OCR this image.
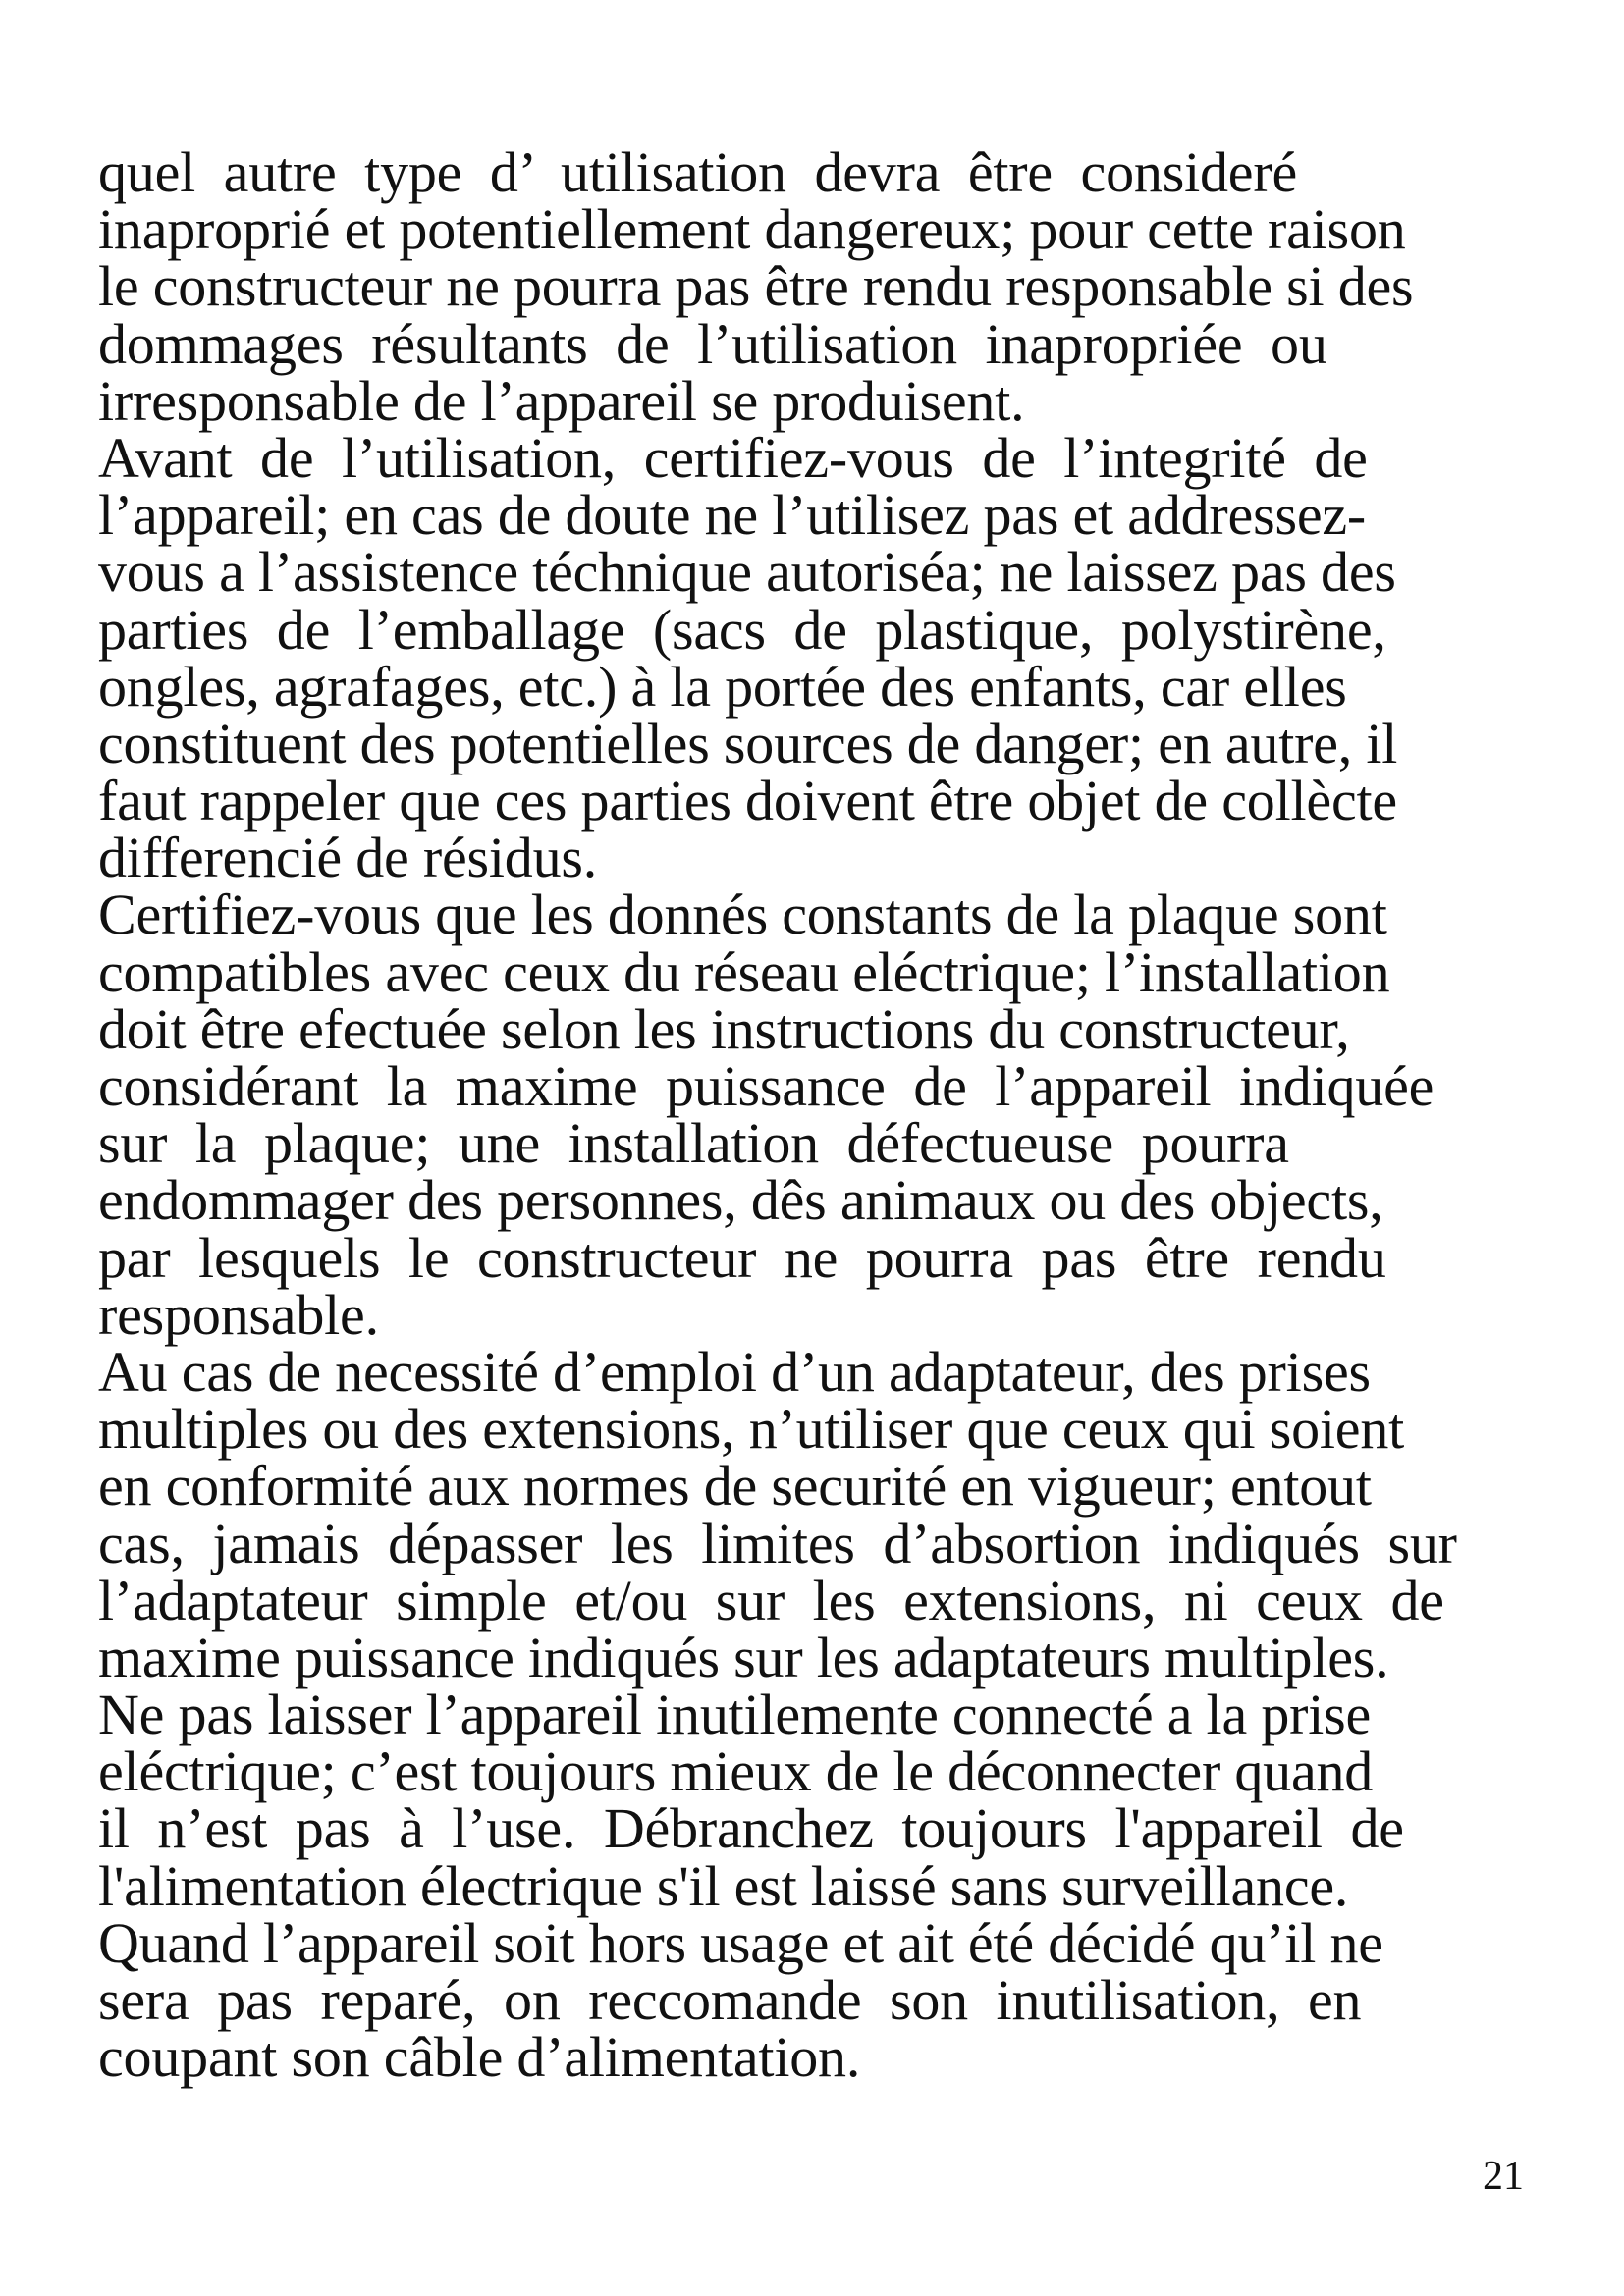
quel  autre  type  d’  utilisation  devra  être  consideré
inaproprié et potentiellement dangereux; pour cette raison
le constructeur ne pourra pas être rendu responsable si des
dommages  résultants  de  l’utilisation  inapropriée  ou
irresponsable de l’appareil se produisent.
Avant  de  l’utilisation,  certifiez-vous  de  l’integrité  de
l’appareil; en cas de doute ne l’utilisez pas et addressez-
vous a l’assistence téchnique autoriséa; ne laissez pas des
parties  de  l’emballage  (sacs  de  plastique,  polystirène,
ongles, agrafages, etc.) à la portée des enfants, car elles
constituent des potentielles sources de danger; en autre, il
faut rappeler que ces parties doivent être objet de collècte
differencié de résidus.
Certifiez-vous que les donnés constants de la plaque sont
compatibles avec ceux du réseau eléctrique; l’installation
doit être efectuée selon les instructions du constructeur,
considérant  la  maxime  puissance  de  l’appareil  indiquée
sur  la  plaque;  une  installation  défectueuse  pourra
endommager des personnes, dês animaux ou des objects,
par  lesquels  le  constructeur  ne  pourra  pas  être  rendu
responsable.
Au cas de necessité d’emploi d’un adaptateur, des prises
multiples ou des extensions, n’utiliser que ceux qui soient
en conformité aux normes de securité en vigueur; entout
cas,  jamais  dépasser  les  limites  d’absortion  indiqués  sur
l’adaptateur  simple  et/ou  sur  les  extensions,  ni  ceux  de
maxime puissance indiqués sur les adaptateurs multiples.
Ne pas laisser l’appareil inutilemente connecté a la prise
eléctrique; c’est toujours mieux de le déconnecter quand
il  n’est  pas  à  l’use.  Débranchez  toujours  l'appareil  de
l'alimentation électrique s'il est laissé sans surveillance.
Quand l’appareil soit hors usage et ait été décidé qu’il ne
sera  pas  reparé,  on  reccomande  son  inutilisation,  en
coupant son câble d’alimentation.
21
